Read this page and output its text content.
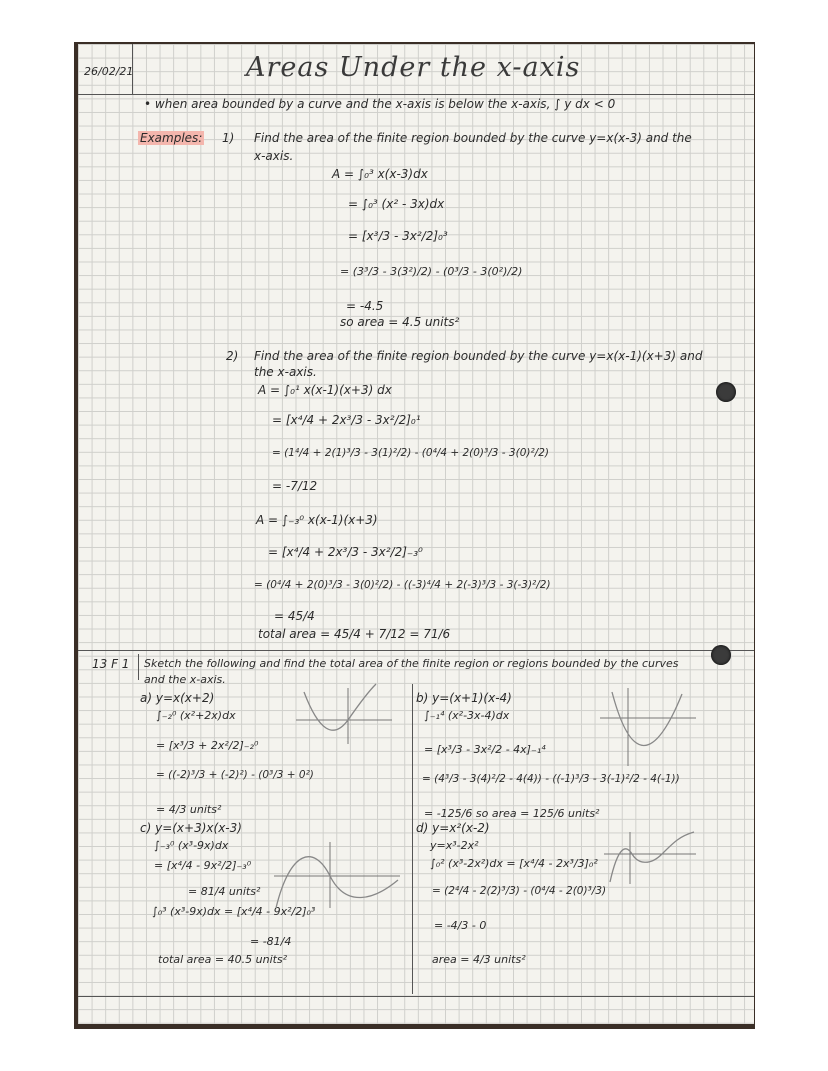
26/02/21	Areas Under the x-axis
• when area bounded by a curve and the x-axis is below the x-axis, ∫ y dx < 0
Examples: 1) Find the area of the finite region bounded by the curve y=x(x-3) and the
x-axis.
A = ∫₀³ x(x-3)dx
= ∫₀³ (x² - 3x)dx
= [x³/3 - 3x²/2]₀³
= (3³/3 - 3(3²)/2) - (0³/3 - 3(0²)/2)
= -4.5
so area = 4.5 units²
2) Find the area of the finite region bounded by the curve y=x(x-1)(x+3) and
the x-axis.
A = ∫₀¹ x(x-1)(x+3) dx
= [x⁴/4 + 2x³/3 - 3x²/2]₀¹
= (1⁴/4 + 2(1)³/3 - 3(1)²/2) - (0⁴/4 + 2(0)³/3 - 3(0)²/2)
= -7/12
A = ∫₋₃⁰ x(x-1)(x+3)
= [x⁴/4 + 2x³/3 - 3x²/2]₋₃⁰
= (0⁴/4 + 2(0)³/3 - 3(0)²/2) - ((-3)⁴/4 + 2(-3)³/3 - 3(-3)²/2)
= 45/4
total area = 45/4 + 7/12 = 71/6
13 F 1 Sketch the following and find the total area of the finite region or regions bounded by the curves
and the x-axis.
a) y=x(x+2)
∫₋₂⁰ (x²+2x)dx
= [x³/3 + 2x²/2]₋₂⁰
= ((-2)³/3 + (-2)²) - (0³/3 + 0²)
= 4/3 units²
b) y=(x+1)(x-4)
∫₋₁⁴ (x²-3x-4)dx
= [x³/3 - 3x²/2 - 4x]₋₁⁴
= (4³/3 - 3(4)²/2 - 4(4)) - ((-1)³/3 - 3(-1)²/2 - 4(-1))
= -125/6 so area = 125/6 units²
c) y=(x+3)x(x-3)
∫₋₃⁰ (x³-9x)dx
= [x⁴/4 - 9x²/2]₋₃⁰
= 81/4 units²
∫₀³ (x³-9x)dx = [x⁴/4 - 9x²/2]₀³
= -81/4
total area = 40.5 units²
d) y=x²(x-2)
y=x³-2x²
∫₀² (x³-2x²)dx = [x⁴/4 - 2x³/3]₀²
= (2⁴/4 - 2(2)³/3) - (0⁴/4 - 2(0)³/3)
= -4/3 - 0
area = 4/3 units²
